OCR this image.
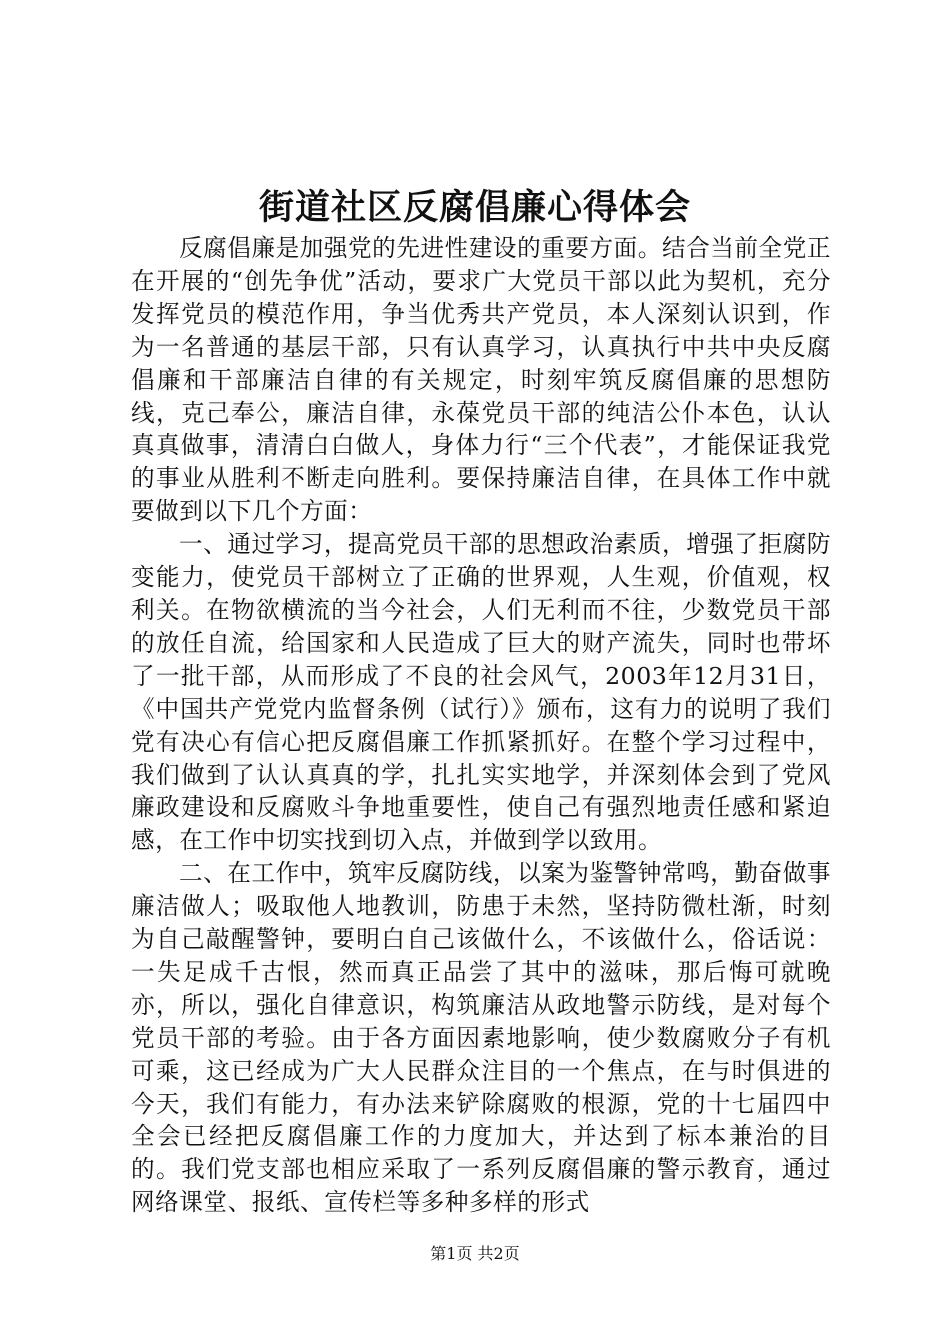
街道社区反腐倡廉心得体会

反腐倡廉是加强党的先进性建设的重要方面。结合当前全党正在开展的“创先争优”活动，要求广大党员干部以此为契机，充分发挥党员的模范作用，争当优秀共产党员，本人深刻认识到，作为一名普通的基层干部，只有认真学习，认真执行中共中央反腐倡廉和干部廉洁自律的有关规定，时刻牢筑反腐倡廉的思想防线，克己奉公，廉洁自律，永葆党员干部的纯洁公仆本色，认认真真做事，清清白白做人，身体力行“三个代表”，才能保证我党的事业从胜利不断走向胜利。要保持廉洁自律，在具体工作中就要做到以下几个方面：

一、通过学习，提高党员干部的思想政治素质，增强了拒腐防变能力，使党员干部树立了正确的世界观，人生观，价值观，权利关。在物欲横流的当今社会，人们无利而不往，少数党员干部的放任自流，给国家和人民造成了巨大的财产流失，同时也带坏了一批干部，从而形成了不良的社会风气，2003年12月31日，《中国共产党党内监督条例（试行）》颁布，这有力的说明了我们党有决心有信心把反腐倡廉工作抓紧抓好。在整个学习过程中，我们做到了认认真真的学，扎扎实实地学，并深刻体会到了党风廉政建设和反腐败斗争地重要性，使自己有强烈地责任感和紧迫感，在工作中切实找到切入点，并做到学以致用。

二、在工作中，筑牢反腐防线，以案为鉴警钟常鸣，勤奋做事廉洁做人；吸取他人地教训，防患于未然，坚持防微杜渐，时刻为自己敲醒警钟，要明白自己该做什么，不该做什么，俗话说：一失足成千古恨，然而真正品尝了其中的滋味，那后悔可就晚亦，所以，强化自律意识，构筑廉洁从政地警示防线，是对每个党员干部的考验。由于各方面因素地影响，使少数腐败分子有机可乘，这已经成为广大人民群众注目的一个焦点，在与时俱进的今天，我们有能力，有办法来铲除腐败的根源，党的十七届四中全会已经把反腐倡廉工作的力度加大，并达到了标本兼治的目的。我们党支部也相应采取了一系列反腐倡廉的警示教育，通过网络课堂、报纸、宣传栏等多种多样的形式

第1页 共2页
